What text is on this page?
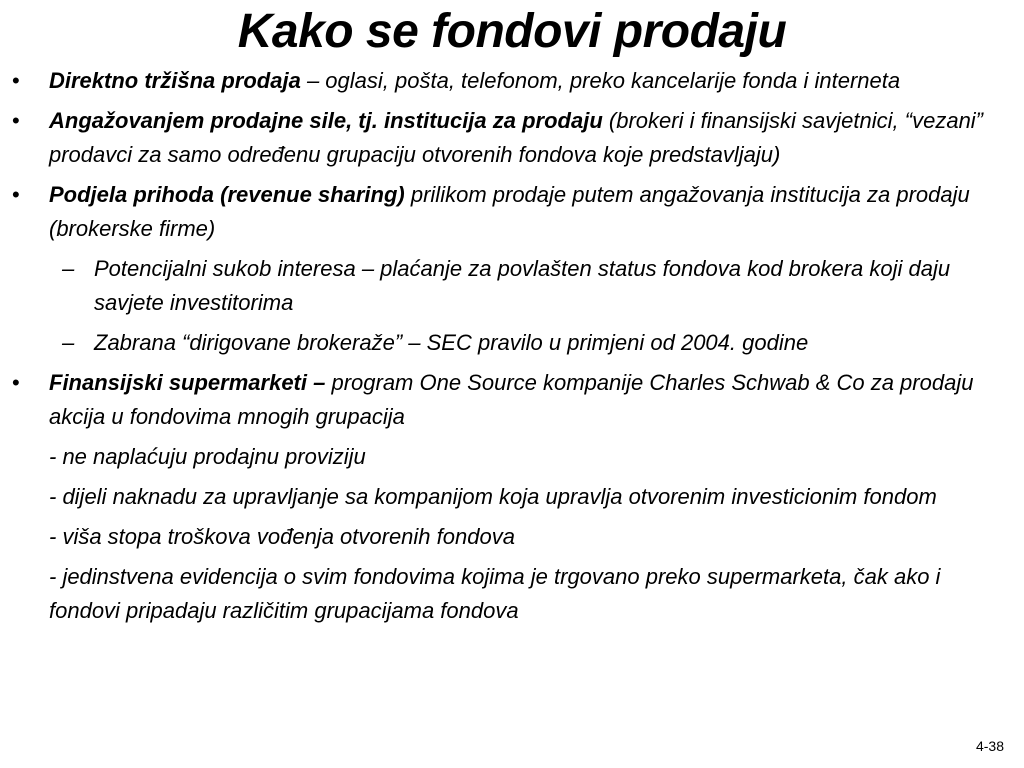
Kako se fondovi prodaju
• Direktno tržišna prodaja – oglasi, pošta, telefonom, preko kancelarije fonda i interneta
• Angažovanjem prodajne sile, tj. institucija za prodaju (brokeri i finansijski savjetnici, “vezani” prodavci za samo određenu grupaciju otvorenih fondova koje predstavljaju)
• Podjela prihoda (revenue sharing) prilikom prodaje putem angažovanja institucija za prodaju (brokerske firme)
– Potencijalni sukob interesa – plaćanje za povlašten status fondova kod brokera koji daju savjete investitorima
– Zabrana “dirigovane brokeraže” – SEC pravilo u primjeni od 2004. godine
• Finansijski supermarketi – program One Source kompanije Charles Schwab & Co za prodaju akcija u fondovima mnogih grupacija
- ne naplaćuju prodajnu proviziju
- dijeli naknadu za upravljanje sa kompanijom koja upravlja otvorenim investicionim fondom
- viša stopa troškova vođenja otvorenih fondova
- jedinstvena evidencija o svim fondovima kojima je trgovano preko supermarketa, čak ako i fondovi pripadaju različitim grupacijama fondova
4-38
